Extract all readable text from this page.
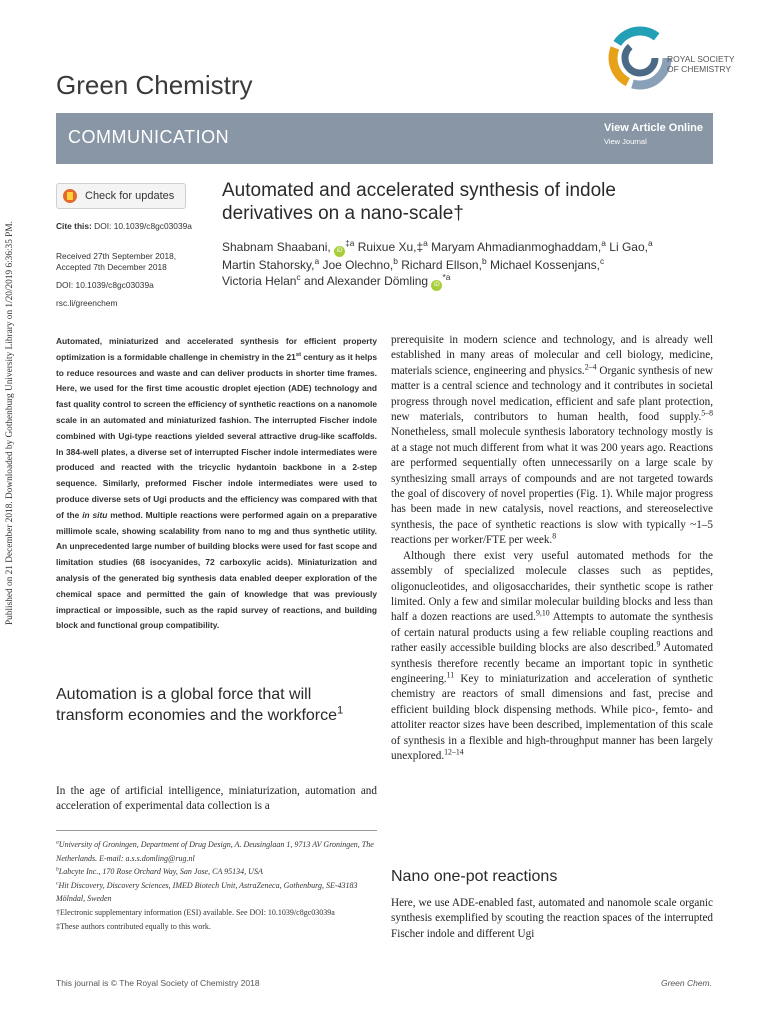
Published on 21 December 2018. Downloaded by Gothenburg University Library on 1/20/2019 6:36:35 PM.
Green Chemistry
ROYAL SOCIETY
OF CHEMISTRY
COMMUNICATION	View Article Online
View Journal
Check for updates
Cite this: DOI: 10.1039/c8gc03039a
Received 27th September 2018,
Accepted 7th December 2018
DOI: 10.1039/c8gc03039a
rsc.li/greenchem
Automated and accelerated synthesis of indole derivatives on a nano-scale†
Shabnam Shaabani, $iD^{\ddagger a}$ Ruixue Xu,‡$^a$ Maryam Ahmadianmoghaddam,$^a$ Li Gao,$^a$
Martin Stahorsky,$^a$ Joe Olechno,$^b$ Richard Ellson,$^b$ Michael Kossenjans,$^c$
Victoria Helan$^c$ and Alexander Dömling $iD^{*a}$
Automated, miniaturized and accelerated synthesis for efficient property optimization is a formidable challenge in chemistry in the 21st century as it helps to reduce resources and waste and can deliver products in shorter time frames. Here, we used for the first time acoustic droplet ejection (ADE) technology and fast quality control to screen the efficiency of synthetic reactions on a nanomole scale in an automated and miniaturized fashion. The interrupted Fischer indole combined with Ugi-type reactions yielded several attractive drug-like scaffolds. In 384-well plates, a diverse set of interrupted Fischer indole intermediates were produced and reacted with the tricyclic hydantoin backbone in a 2-step sequence. Similarly, preformed Fischer indole intermediates were used to produce diverse sets of Ugi products and the efficiency was compared with that of the in situ method. Multiple reactions were performed again on a preparative millimole scale, showing scalability from nano to mg and thus synthetic utility. An unprecedented large number of building blocks were used for fast scope and limitation studies (68 isocyanides, 72 carboxylic acids). Miniaturization and analysis of the generated big synthesis data enabled deeper exploration of the chemical space and permitted the gain of knowledge that was previously impractical or impossible, such as the rapid survey of reactions, and building block and functional group compatibility.

prerequisite in modern science and technology, and is already well established in many areas of molecular and cell biology, medicine, materials science, engineering and physics.$^{2-4}$ Organic synthesis of new matter is a central science and technology and it contributes in societal progress through novel medication, efficient and safe plant protection, new materials, contributors to human health, food supply.$^{5-8}$ Nonetheless, small molecule synthesis laboratory technology mostly is at a stage not much different from what it was 200 years ago. Reactions are performed sequentially often unnecessarily on a large scale by synthesizing small arrays of compounds and are not targeted towards the goal of discovery of novel properties (Fig. 1). While major progress has been made in new catalysis, novel reactions, and stereoselective synthesis, the pace of synthetic reactions is slow with typically ~1–5 reactions per worker/FTE per week.$^8$

Although there exist very useful automated methods for the assembly of specialized molecule classes such as peptides, oligonucleotides, and oligosaccharides, their synthetic scope is rather limited. Only a few and similar molecular building blocks and less than half a dozen reactions are used.$^{9,10}$ Attempts to automate the synthesis of certain natural products using a few reliable coupling reactions and rather easily accessible building blocks are also described.$^9$ Automated synthesis therefore recently became an important topic in synthetic engineering.$^{11}$ Key to miniaturization and acceleration of synthetic chemistry are reactors of small dimensions and fast, precise and efficient building block dispensing methods. While pico-, femto- and attoliter reactor sizes have been described, implementation of this scale of synthesis in a flexible and high-throughput manner has been largely unexplored.$^{12-14}$

Automation is a global force that will transform economies and the workforce$^1$
In the age of artificial intelligence, miniaturization, automation and acceleration of experimental data collection is a

$^a$University of Groningen, Department of Drug Design, A. Deusinglaan 1, 9713 AV Groningen, The Netherlands. E-mail: a.s.s.domling@rug.nl

$^b$Labcyte Inc., 170 Rose Orchard Way, San Jose, CA 95134, USA

$^c$Hit Discovery, Discovery Sciences, IMED Biotech Unit, AstraZeneca, Gothenburg, SE-43183 Mölndal, Sweden

†Electronic supplementary information (ESI) available. See DOI: 10.1039/c8gc03039a

‡These authors contributed equally to this work.

Nano one-pot reactions
Here, we use ADE-enabled fast, automated and nanomole scale organic synthesis exemplified by scouting the reaction spaces of the interrupted Fischer indole and different Ugi
This journal is © The Royal Society of Chemistry 2018	Green Chem.
